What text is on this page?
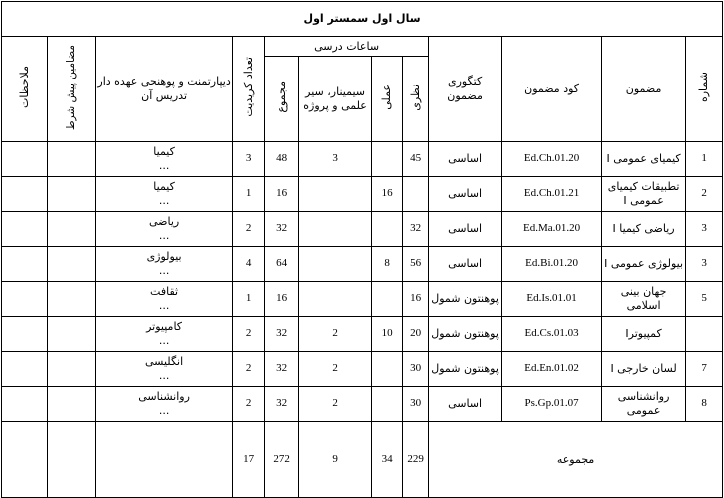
سال اول سمستر اول											
شماره	مضمون	کود مضمون	کتگوری مضمون	ساعات درسی				تعداد کریدیت	دیپارتمنت و پوهنحی عهده دار تدریس آن	مضامین پیش شرط	ملاحظات
				نظری	عملی	سیمینار، سیر علمی و پروژه	مجموع				
1	کیمیای عمومی I	Ed.Ch.01.20	اساسی	45		3	48	3	کیمیا
...		

2	تطبیقات کیمیای عمومی I	Ed.Ch.01.21	اساسی		16		16	1	کیمیا
...		

3	ریاضی کیمیا I	Ed.Ma.01.20	اساسی	32			32	2	ریاضی
...		

3	بیولوژی عمومی I	Ed.Bi.01.20	اساسی	56	8		64	4	بیولوژی
...		

5	جهان بینی اسلامی	Ed.Is.01.01	پوهنتون شمول	16			16	1	ثقافت
...		

	کمپیوترI	Ed.Cs.01.03	پوهنتون شمول	20	10	2	32	2	کامپیوتر
...		

7	لسان خارجی I	Ed.En.01.02	پوهنتون شمول	30		2	32	2	انگلیسی
...		

8	روانشناسی عمومی	Ps.Gp.01.07	اساسی	30		2	32	2	روانشناسی
...		

مجموعه				229	34	9	272	17			
